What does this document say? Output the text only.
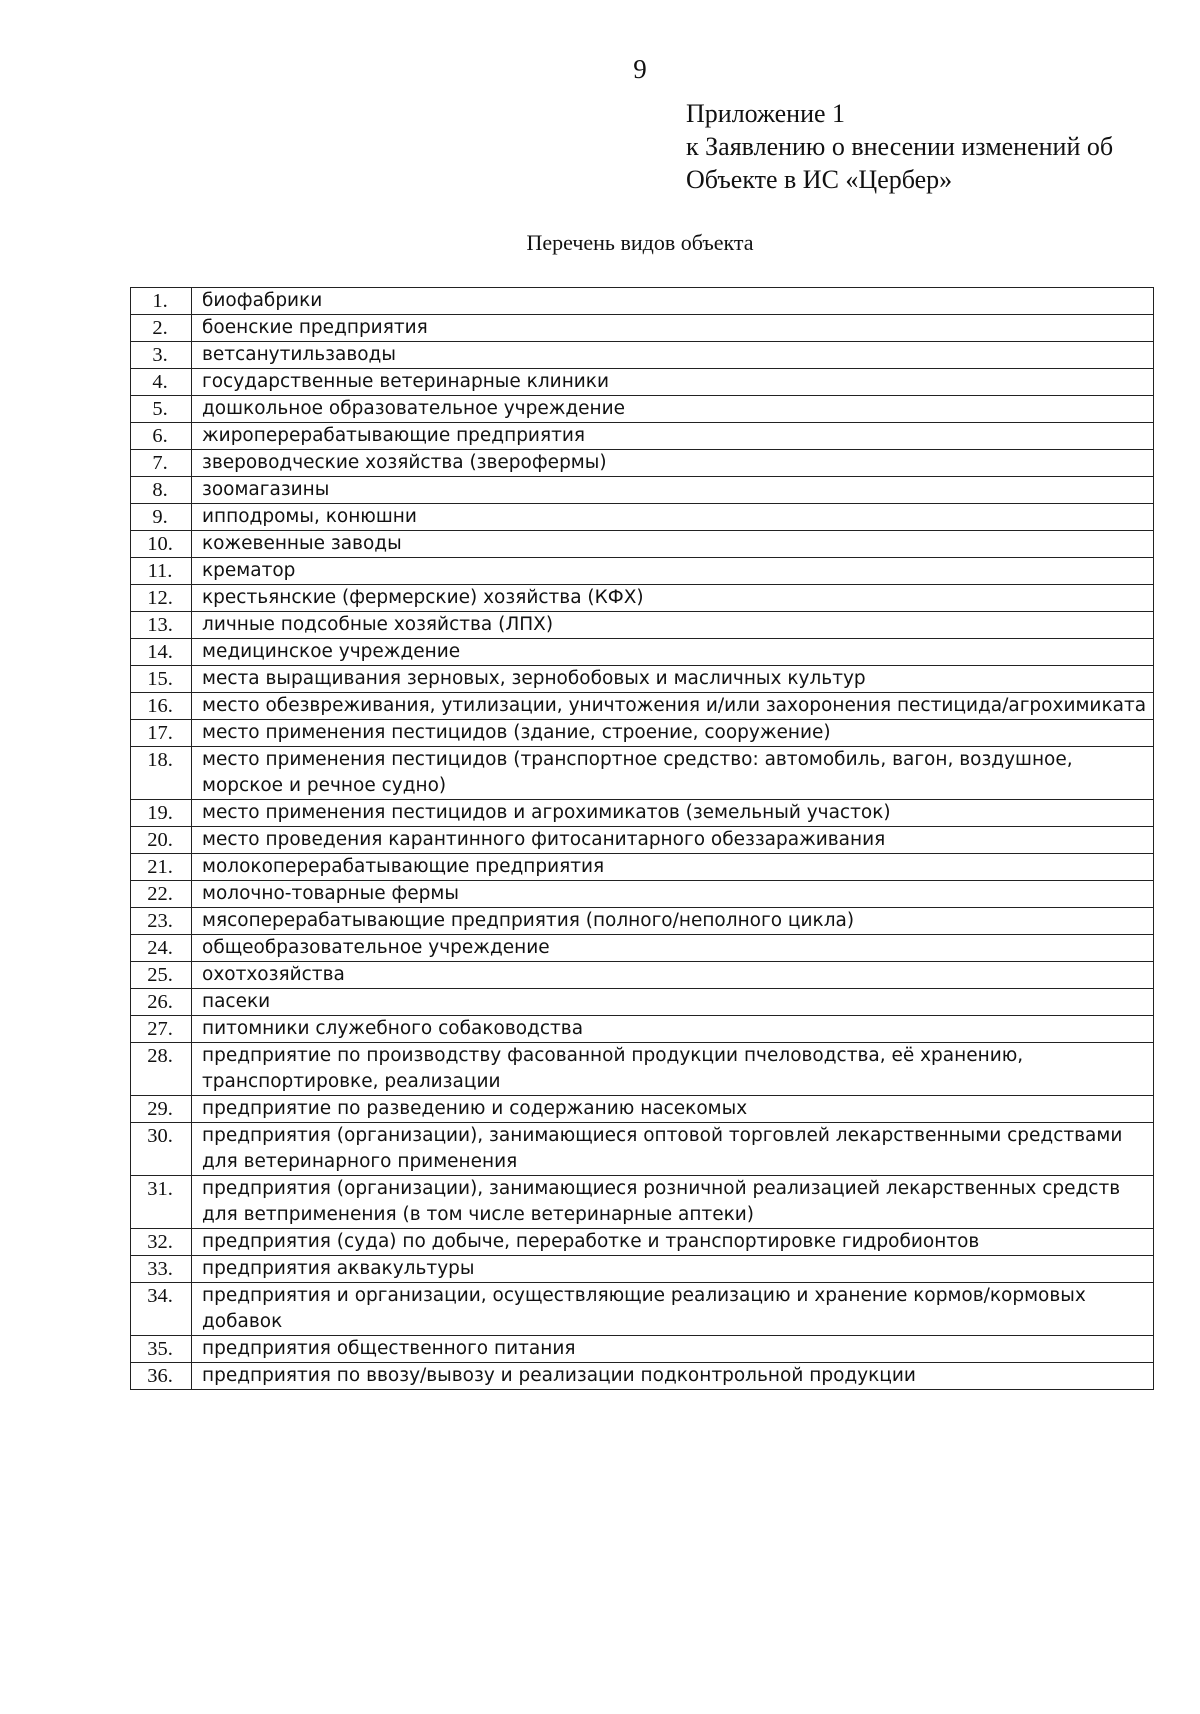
9
Приложение 1
к Заявлению о внесении изменений об
Объекте в ИС «Цербер»
Перечень видов объекта
1.	биофабрики
2.	боенские предприятия
3.	ветсанутильзаводы
4.	государственные ветеринарные клиники
5.	дошкольное образовательное учреждение
6.	жироперерабатывающие предприятия
7.	звероводческие хозяйства (зверофермы)
8.	зоомагазины
9.	ипподромы, конюшни
10.	кожевенные заводы
11.	крематор
12.	крестьянские (фермерские) хозяйства (КФХ)
13.	личные подсобные хозяйства (ЛПХ)
14.	медицинское учреждение
15.	места выращивания зерновых, зернобобовых и масличных культур
16.	место обезвреживания, утилизации, уничтожения и/или захоронения пестицида/агрохимиката
17.	место применения пестицидов (здание, строение, сооружение)
18.	место применения пестицидов (транспортное средство: автомобиль, вагон, воздушное, морское и речное судно)
19.	место применения пестицидов и агрохимикатов (земельный участок)
20.	место проведения карантинного фитосанитарного обеззараживания
21.	молокоперерабатывающие предприятия
22.	молочно-товарные фермы
23.	мясоперерабатывающие предприятия (полного/неполного цикла)
24.	общеобразовательное учреждение
25.	охотхозяйства
26.	пасеки
27.	питомники служебного собаководства
28.	предприятие по производству фасованной продукции пчеловодства, её хранению, транспортировке, реализации
29.	предприятие по разведению и содержанию насекомых
30.	предприятия (организации), занимающиеся оптовой торговлей лекарственными средствами для ветеринарного применения
31.	предприятия (организации), занимающиеся розничной реализацией лекарственных средств для ветприменения (в том числе ветеринарные аптеки)
32.	предприятия (суда) по добыче, переработке и транспортировке гидробионтов
33.	предприятия аквакультуры
34.	предприятия и организации, осуществляющие реализацию и хранение кормов/кормовых добавок
35.	предприятия общественного питания
36.	предприятия по ввозу/вывозу и реализации подконтрольной продукции
